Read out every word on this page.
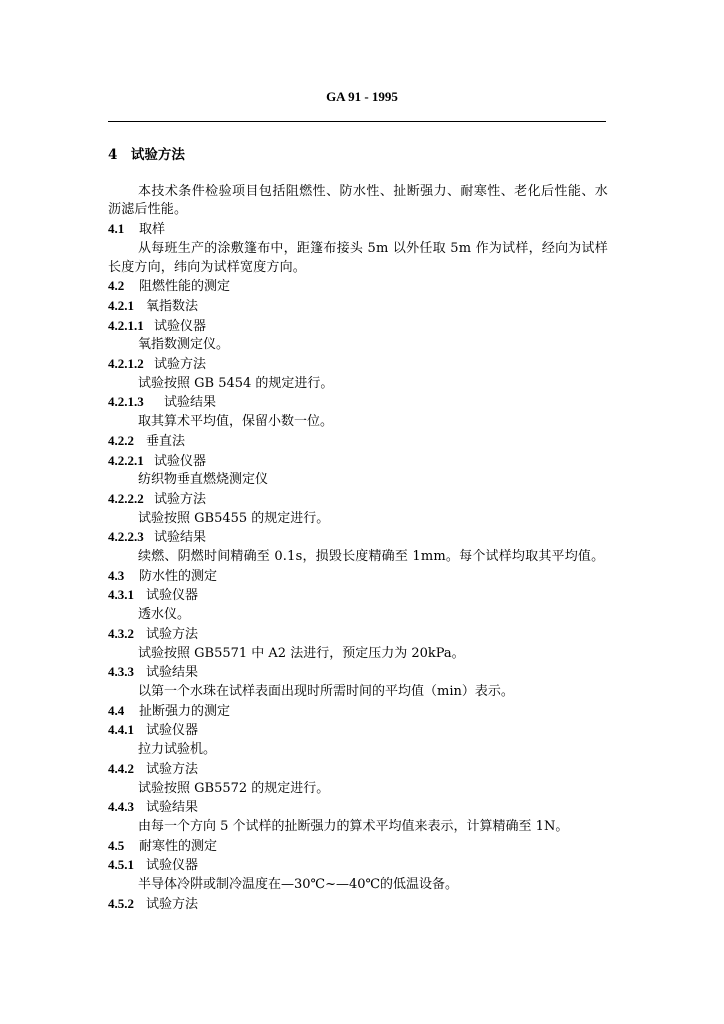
GA 91 - 1995
4　试验方法
本技术条件检验项目包括阻燃性、防水性、扯断强力、耐寒性、老化后性能、水沥滤后性能。
4.1 取样
从每班生产的涂敷篷布中，距篷布接头 5m 以外任取 5m 作为试样，经向为试样长度方向，纬向为试样宽度方向。
4.2 阻燃性能的测定
4.2.1 氧指数法
4.2.1.1 试验仪器
氧指数测定仪。
4.2.1.2 试验方法
试验按照 GB 5454 的规定进行。
4.2.1.3 试验结果
取其算术平均值，保留小数一位。
4.2.2 垂直法
4.2.2.1 试验仪器
纺织物垂直燃烧测定仪
4.2.2.2 试验方法
试验按照 GB5455 的规定进行。
4.2.2.3 试验结果
续燃、阴燃时间精确至 0.1s，损毁长度精确至 1mm。每个试样均取其平均值。
4.3 防水性的测定
4.3.1 试验仪器
透水仪。
4.3.2 试验方法
试验按照 GB5571 中 A2 法进行，预定压力为 20kPa。
4.3.3 试验结果
以第一个水珠在试样表面出现时所需时间的平均值（min）表示。
4.4 扯断强力的测定
4.4.1 试验仪器
拉力试验机。
4.4.2 试验方法
试验按照 GB5572 的规定进行。
4.4.3 试验结果
由每一个方向 5 个试样的扯断强力的算术平均值来表示，计算精确至 1N。
4.5 耐寒性的测定
4.5.1 试验仪器
半导体冷阱或制冷温度在—30℃~—40℃的低温设备。
4.5.2 试验方法
